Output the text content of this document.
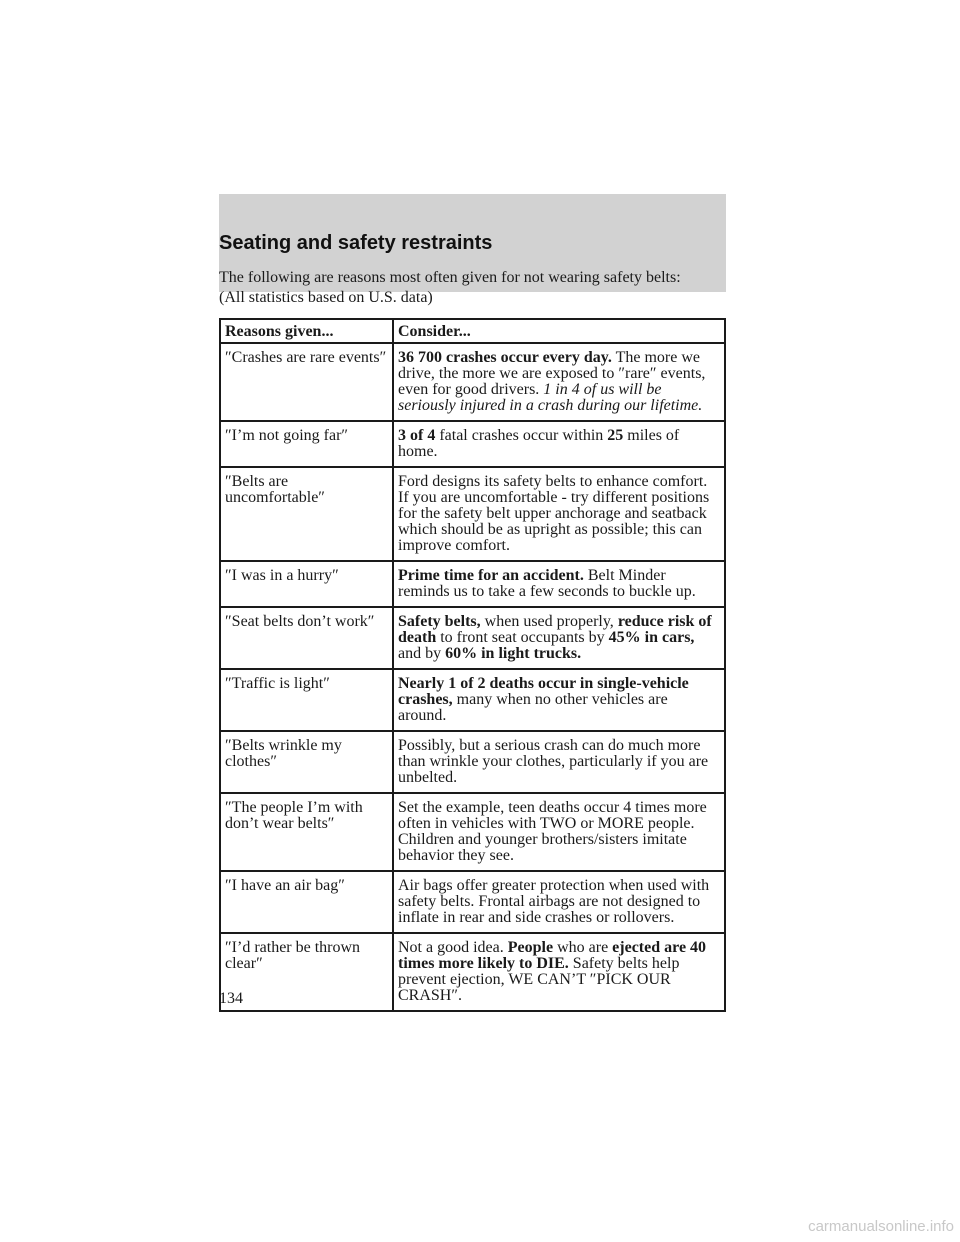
Seating and safety restraints

The following are reasons most often given for not wearing safety belts:
(All statistics based on U.S. data)

Reasons given...	Consider...
″Crashes are rare events″	36 700 crashes occur every day. The more we drive, the more we are exposed to ″rare″ events, even for good drivers. 1 in 4 of us will be seriously injured in a crash during our lifetime.
″I’m not going far″	3 of 4 fatal crashes occur within 25 miles of home.
″Belts are uncomfortable″	Ford designs its safety belts to enhance comfort. If you are uncomfortable - try different positions for the safety belt upper anchorage and seatback which should be as upright as possible; this can improve comfort.
″I was in a hurry″	Prime time for an accident. Belt Minder reminds us to take a few seconds to buckle up.
″Seat belts don’t work″	Safety belts, when used properly, reduce risk of death to front seat occupants by 45% in cars, and by 60% in light trucks.
″Traffic is light″	Nearly 1 of 2 deaths occur in single-vehicle crashes, many when no other vehicles are around.
″Belts wrinkle my clothes″	Possibly, but a serious crash can do much more than wrinkle your clothes, particularly if you are unbelted.
″The people I’m with don’t wear belts″	Set the example, teen deaths occur 4 times more often in vehicles with TWO or MORE people. Children and younger brothers/sisters imitate behavior they see.
″I have an air bag″	Air bags offer greater protection when used with safety belts. Frontal airbags are not designed to inflate in rear and side crashes or rollovers.
″I’d rather be thrown clear″	Not a good idea. People who are ejected are 40 times more likely to DIE. Safety belts help prevent ejection, WE CAN’T ″PICK OUR CRASH″.

134

carmanualsonline.info
